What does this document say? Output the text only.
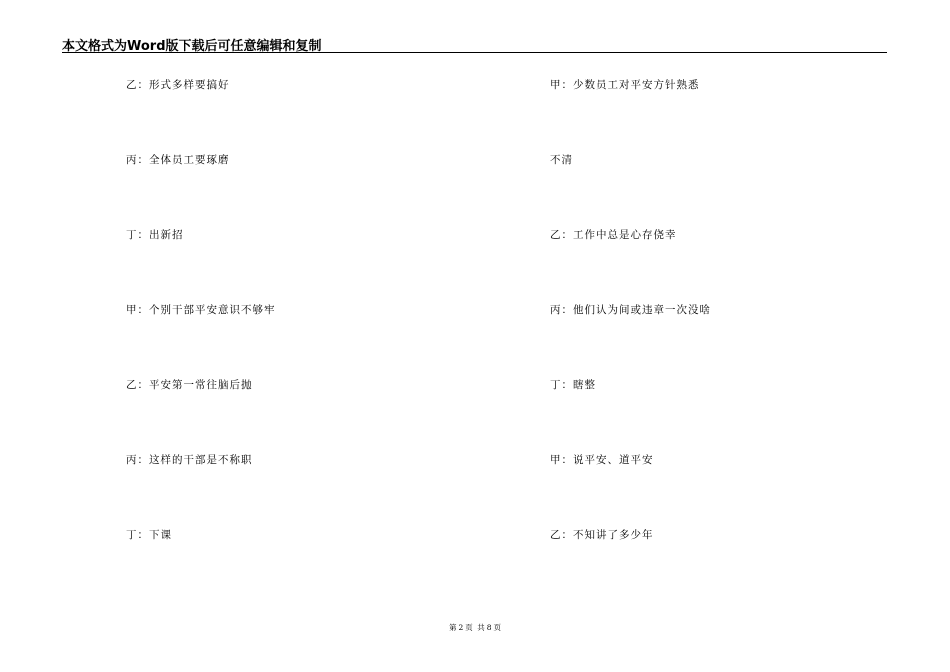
本文格式为Word版下载后可任意编辑和复制
乙：形式多样要搞好
丙：全体员工要琢磨
丁：出新招
甲：个别干部平安意识不够牢
乙：平安第一常往脑后抛
丙：这样的干部是不称职
丁：下课
甲：少数员工对平安方针熟悉
不清
乙：工作中总是心存侥幸
丙：他们认为间或违章一次没啥
丁：瞎整
甲：说平安、道平安
乙：不知讲了多少年
第 2 页 共 8 页
